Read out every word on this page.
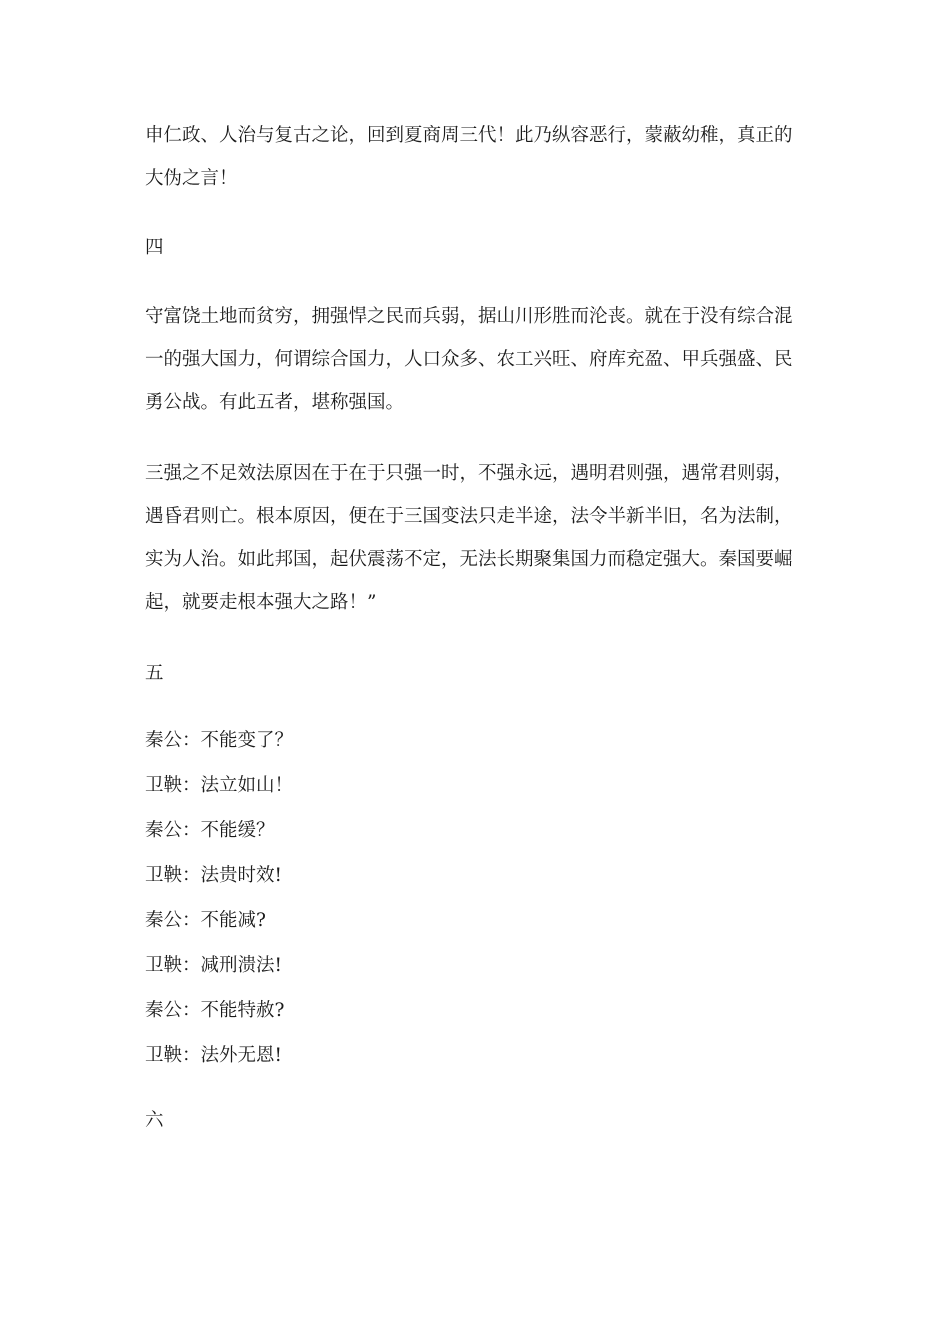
申仁政、人治与复古之论，回到夏商周三代！此乃纵容恶行，蒙蔽幼稚，真正的
大伪之言！
四
守富饶土地而贫穷，拥强悍之民而兵弱，据山川形胜而沦丧。就在于没有综合混
一的强大国力，何谓综合国力，人口众多、农工兴旺、府库充盈、甲兵强盛、民
勇公战。有此五者，堪称强国。
三强之不足效法原因在于在于只强一时，不强永远，遇明君则强，遇常君则弱，
遇昏君则亡。根本原因，便在于三国变法只走半途，法令半新半旧，名为法制，
实为人治。如此邦国，起伏震荡不定，无法长期聚集国力而稳定强大。秦国要崛
起，就要走根本强大之路！”
五
秦公：不能变了？
卫鞅：法立如山！
秦公：不能缓？
卫鞅：法贵时效!
秦公：不能减?
卫鞅：减刑溃法!
秦公：不能特赦?
卫鞅：法外无恩!
六
